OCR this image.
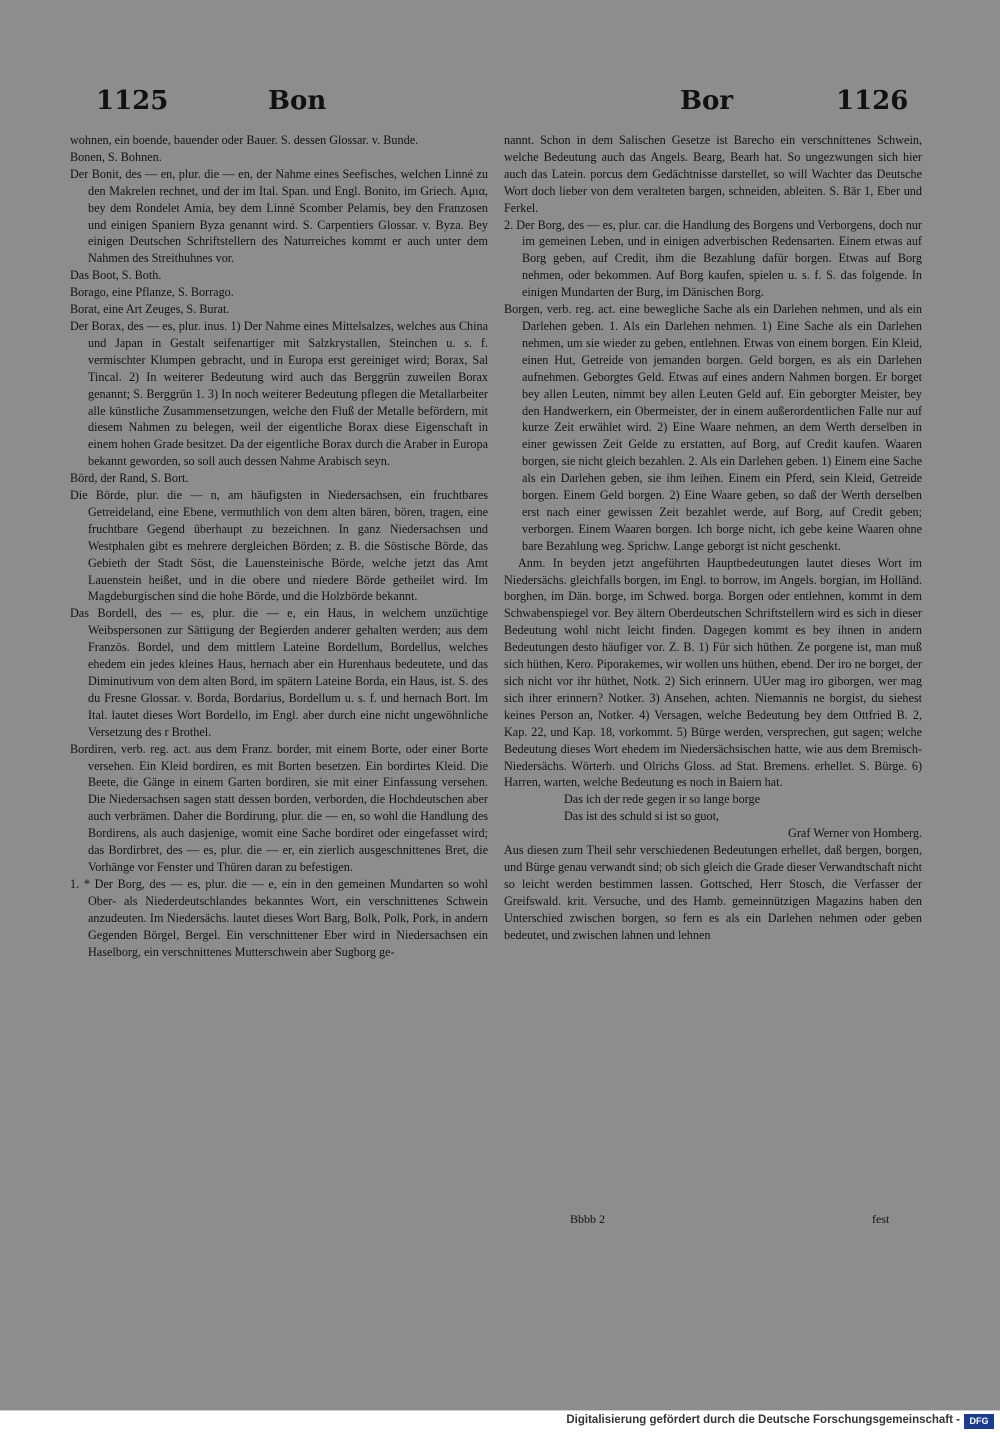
1125	Bon	Bor	1126

wohnen, ein boende, bauender oder Bauer. S. dessen Glossar. v. Bunde.

Bonen, S. Bohnen.

Der Bonit, des — en, plur. die — en, der Nahme eines Seefisches, welchen Linné zu den Makrelen rechnet, und der im Ital. Span. und Engl. Bonito, im Griech. Αμια, bey dem Rondelet Amia, bey dem Linné Scomber Pelamis, bey den Franzosen und einigen Spaniern Byza genannt wird. S. Carpentiers Glossar. v. Byza. Bey einigen Deutschen Schriftstellern des Naturreiches kommt er auch unter dem Nahmen des Streithuhnes vor.

Das Boot, S. Both.

Borago, eine Pflanze, S. Borrago.

Borat, eine Art Zeuges, S. Burat.

Der Borax, des — es, plur. inus. 1) Der Nahme eines Mittelsalzes, welches aus China und Japan in Gestalt seifenartiger mit Salzkrystallen, Steinchen u. s. f. vermischter Klumpen gebracht, und in Europa erst gereiniget wird; Borax, Sal Tincal. 2) In weiterer Bedeutung wird auch das Berggrün zuweilen Borax genannt; S. Berggrün 1. 3) In noch weiterer Bedeutung pflegen die Metallarbeiter alle künstliche Zusammensetzungen, welche den Fluß der Metalle befördern, mit diesem Nahmen zu belegen, weil der eigentliche Borax diese Eigenschaft in einem hohen Grade besitzet. Da der eigentliche Borax durch die Araber in Europa bekannt geworden, so soll auch dessen Nahme Arabisch seyn.

Börd, der Rand, S. Bort.

Die Börde, plur. die — n, am häufigsten in Niedersachsen, ein fruchtbares Getreideland, eine Ebene, vermuthlich von dem alten bären, bören, tragen, eine fruchtbare Gegend überhaupt zu bezeichnen. In ganz Niedersachsen und Westphalen gibt es mehrere dergleichen Börden; z. B. die Söstische Börde, das Gebieth der Stadt Söst, die Lauensteinische Börde, welche jetzt das Amt Lauenstein heißet, und in die obere und niedere Börde getheilet wird. Im Magdeburgischen sind die hohe Börde, und die Holzbörde bekannt.

Das Bordell, des — es, plur. die — e, ein Haus, in welchem unzüchtige Weibspersonen zur Sättigung der Begierden anderer gehalten werden; aus dem Französ. Bordel, und dem mittlern Lateine Bordellum, Bordellus, welches ehedem ein jedes kleines Haus, hernach aber ein Hurenhaus bedeutete, und das Diminutivum von dem alten Bord, im spätern Lateine Borda, ein Haus, ist. S. des du Fresne Glossar. v. Borda, Bordarius, Bordellum u. s. f. und hernach Bort. Im Ital. lautet dieses Wort Bordello, im Engl. aber durch eine nicht ungewöhnliche Versetzung des r Brothel.

Bordiren, verb. reg. act. aus dem Franz. border, mit einem Borte, oder einer Borte versehen. Ein Kleid bordiren, es mit Borten besetzen. Ein bordirtes Kleid. Die Beete, die Gänge in einem Garten bordiren, sie mit einer Einfassung versehen. Die Niedersachsen sagen statt dessen borden, verborden, die Hochdeutschen aber auch verbrämen. Daher die Bordirung, plur. die — en, so wohl die Handlung des Bordirens, als auch dasjenige, womit eine Sache bordiret oder eingefasset wird; das Bordirbret, des — es, plur. die — er, ein zierlich ausgeschnittenes Bret, die Vorhänge vor Fenster und Thüren daran zu befestigen.

1. * Der Borg, des — es, plur. die — e, ein in den gemeinen Mundarten so wohl Ober- als Niederdeutschlandes bekanntes Wort, ein verschnittenes Schwein anzudeuten. Im Niedersächs. lautet dieses Wort Barg, Bolk, Polk, Pork, in andern Gegenden Börgel, Bergel. Ein verschnittener Eber wird in Niedersachsen ein Haselborg, ein verschnittenes Mutterschwein aber Sugborg ge-

nannt. Schon in dem Salischen Gesetze ist Barecho ein verschnittenes Schwein, welche Bedeutung auch das Angels. Bearg, Bearh hat. So ungezwungen sich hier auch das Latein. porcus dem Gedächtnisse darstellet, so will Wachter das Deutsche Wort doch lieber von dem veralteten bargen, schneiden, ableiten. S. Bär 1, Eber und Ferkel.

2. Der Borg, des — es, plur. car. die Handlung des Borgens und Verborgens, doch nur im gemeinen Leben, und in einigen adverbischen Redensarten. Einem etwas auf Borg geben, auf Credit, ihm die Bezahlung dafür borgen. Etwas auf Borg nehmen, oder bekommen. Auf Borg kaufen, spielen u. s. f. S. das folgende. In einigen Mundarten der Burg, im Dänischen Borg.

Borgen, verb. reg. act. eine bewegliche Sache als ein Darlehen nehmen, und als ein Darlehen geben. 1. Als ein Darlehen nehmen. 1) Eine Sache als ein Darlehen nehmen, um sie wieder zu geben, entlehnen. Etwas von einem borgen. Ein Kleid, einen Hut, Getreide von jemanden borgen. Geld borgen, es als ein Darlehen aufnehmen. Geborgtes Geld. Etwas auf eines andern Nahmen borgen. Er borget bey allen Leuten, nimmt bey allen Leuten Geld auf. Ein geborgter Meister, bey den Handwerkern, ein Obermeister, der in einem außerordentlichen Falle nur auf kurze Zeit erwählet wird. 2) Eine Waare nehmen, an dem Werth derselben in einer gewissen Zeit Gelde zu erstatten, auf Borg, auf Credit kaufen. Waaren borgen, sie nicht gleich bezahlen. 2. Als ein Darlehen geben. 1) Einem eine Sache als ein Darlehen geben, sie ihm leihen. Einem ein Pferd, sein Kleid, Getreide borgen. Einem Geld borgen. 2) Eine Waare geben, so daß der Werth derselben erst nach einer gewissen Zeit bezahlet werde, auf Borg, auf Credit geben; verborgen. Einem Waaren borgen. Ich borge nicht, ich gebe keine Waaren ohne bare Bezahlung weg. Sprichw. Lange geborgt ist nicht geschenkt.

Anm. In beyden jetzt angeführten Hauptbedeutungen lautet dieses Wort im Niedersächs. gleichfalls borgen, im Engl. to borrow, im Angels. borgian, im Holländ. borghen, im Dän. borge, im Schwed. borga. Borgen oder entlehnen, kommt in dem Schwabenspiegel vor. Bey ältern Oberdeutschen Schriftstellern wird es sich in dieser Bedeutung wohl nicht leicht finden. Dagegen kommt es bey ihnen in andern Bedeutungen desto häufiger vor. Z. B. 1) Für sich hüthen. Ze porgene ist, man muß sich hüthen, Kero. Piporakemes, wir wollen uns hüthen, ebend. Der iro ne borget, der sich nicht vor ihr hüthet, Notk. 2) Sich erinnern. UUer mag iro giborgen, wer mag sich ihrer erinnern? Notker. 3) Ansehen, achten. Niemannis ne borgist, du siehest keines Person an, Notker. 4) Versagen, welche Bedeutung bey dem Ottfried B. 2, Kap. 22, und Kap. 18, vorkommt. 5) Bürge werden, versprechen, gut sagen; welche Bedeutung dieses Wort ehedem im Niedersächsischen hatte, wie aus dem Bremisch-Niedersächs. Wörterb. und Olrichs Gloss. ad Stat. Bremens. erhellet. S. Bürge. 6) Harren, warten, welche Bedeutung es noch in Baiern hat.

Das ich der rede gegen ir so lange borge

Das ist des schuld si ist so guot,

Graf Werner von Homberg.

Aus diesen zum Theil sehr verschiedenen Bedeutungen erhellet, daß bergen, borgen, und Bürge genau verwandt sind; ob sich gleich die Grade dieser Verwandtschaft nicht so leicht werden bestimmen lassen. Gottsched, Herr Stosch, die Verfasser der Greifswald. krit. Versuche, und des Hamb. gemeinnützigen Magazins haben den Unterschied zwischen borgen, so fern es als ein Darlehen nehmen oder geben bedeutet, und zwischen lahnen und lehnen

Bbbb 2	fest
Digitalisierung gefördert durch die Deutsche Forschungsgemeinschaft -	DFG
